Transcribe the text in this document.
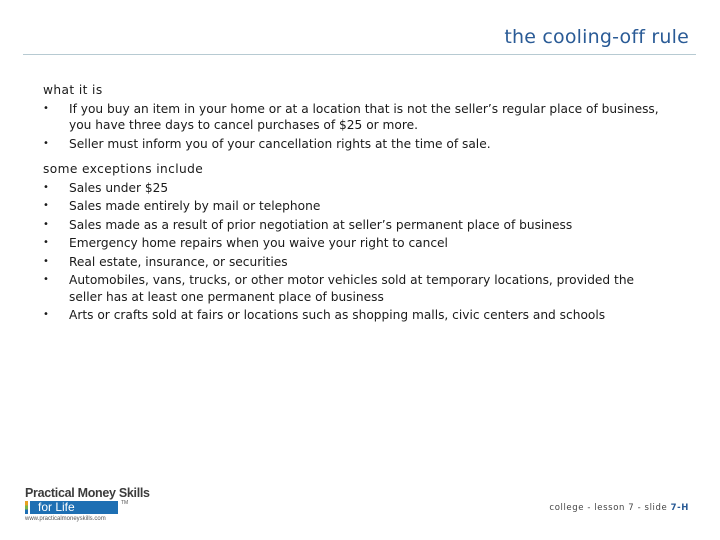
the cooling-off rule
what it is
•	If you buy an item in your home or at a location that is not the seller’s regular place of business, you have three days to cancel purchases of $25 or more.
•	Seller must inform you of your cancellation rights at the time of sale.
some exceptions include
•	Sales under $25
•	Sales made entirely by mail or telephone
•	Sales made as a result of prior negotiation at seller’s permanent place of business
•	Emergency home repairs when you waive your right to cancel
•	Real estate, insurance, or securities
•	Automobiles, vans, trucks, or other motor vehicles sold at temporary locations, provided the seller has at least one permanent place of business
•	Arts or crafts sold at fairs or locations such as shopping malls, civic centers and schools
Practical Money Skills
for Life	TM
www.practicalmoneyskills.com
college - lesson 7 - slide 7-H
